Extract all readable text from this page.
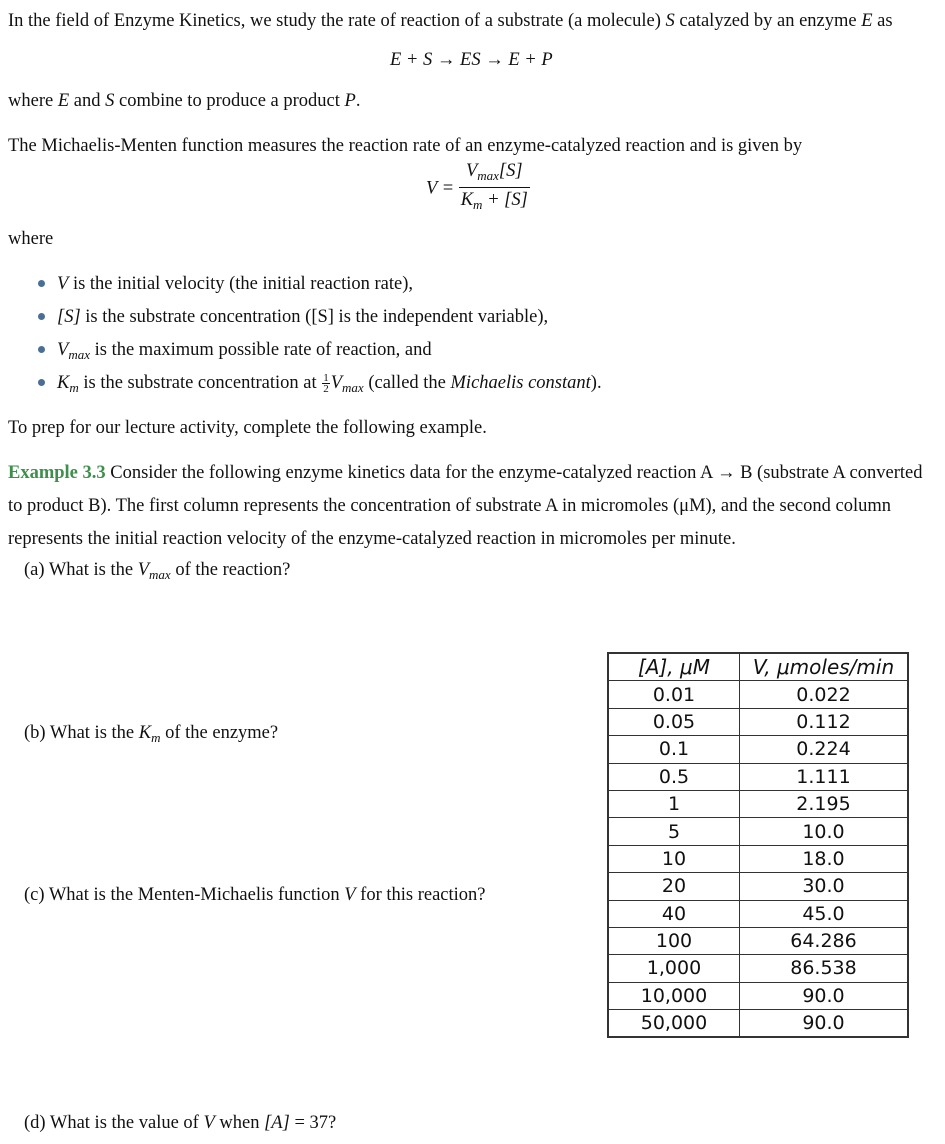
In the field of Enzyme Kinetics, we study the rate of reaction of a substrate (a molecule) S catalyzed by an enzyme E as
E + S → ES → E + P
where E and S combine to produce a product P.
The Michaelis-Menten function measures the reaction rate of an enzyme-catalyzed reaction and is given by
$V = \frac{V_{max}[S]}{K_m + [S]}$
where
V is the initial velocity (the initial reaction rate),
[S] is the substrate concentration ([S] is the independent variable),
$V_{max}$ is the maximum possible rate of reaction, and
$K_m$ is the substrate concentration at $\frac{1}{2} V_{max}$ (called the Michaelis constant).
To prep for our lecture activity, complete the following example.
Example 3.3 Consider the following enzyme kinetics data for the enzyme-catalyzed reaction A → B (substrate A converted
to product B). The first column represents the concentration of substrate A in micromoles (μM), and the second column
represents the initial reaction velocity of the enzyme-catalyzed reaction in micromoles per minute.
(a) What is the $V_{max}$ of the reaction?
(b) What is the $K_m$ of the enzyme?
(c) What is the Menten-Michaelis function V for this reaction?
(d) What is the value of V when [A] = 37?
[A], μM	V, μmoles/min
0.01	0.022
0.05	0.112
0.1	0.224
0.5	1.111
1	2.195
5	10.0
10	18.0
20	30.0
40	45.0
100	64.286
1,000	86.538
10,000	90.0
50,000	90.0
